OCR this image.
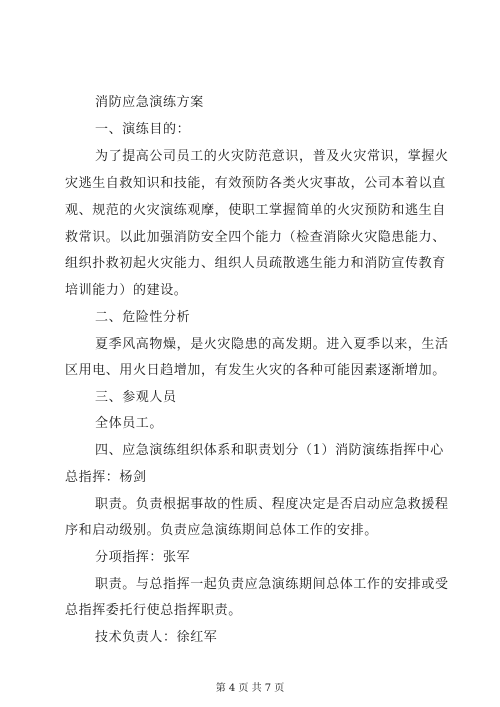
消防应急演练方案
一、演练目的：
为了提高公司员工的火灾防范意识，普及火灾常识，掌握火
灾逃生自救知识和技能，有效预防各类火灾事故，公司本着以直
观、规范的火灾演练观摩，使职工掌握简单的火灾预防和逃生自
救常识。以此加强消防安全四个能力（检查消除火灾隐患能力、
组织扑救初起火灾能力、组织人员疏散逃生能力和消防宣传教育
培训能力）的建设。
二、危险性分析
夏季风高物燥，是火灾隐患的高发期。进入夏季以来，生活
区用电、用火日趋增加，有发生火灾的各种可能因素逐渐增加。
三、参观人员
全体员工。
四、应急演练组织体系和职责划分（1）消防演练指挥中心
总指挥：杨剑
职责。负责根据事故的性质、程度决定是否启动应急救援程
序和启动级别。负责应急演练期间总体工作的安排。
分项指挥：张军
职责。与总指挥一起负责应急演练期间总体工作的安排或受
总指挥委托行使总指挥职责。
技术负责人：徐红军
第 4 页 共 7 页
